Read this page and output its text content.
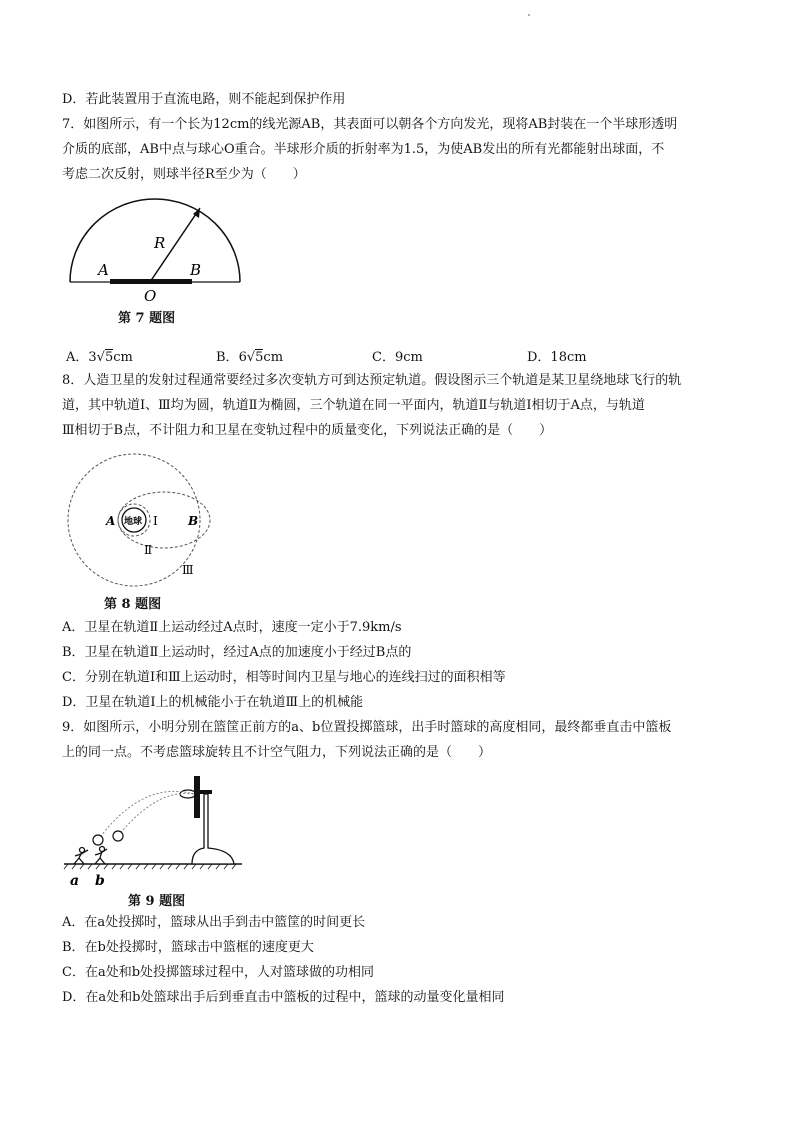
D．若此装置用于直流电路，则不能起到保护作用
7．如图所示，有一个长为12cm的线光源AB，其表面可以朝各个方向发光，现将AB封装在一个半球形透明
介质的底部，AB中点与球心O重合。半球形介质的折射率为1.5，为使AB发出的所有光都能射出球面，不
考虑二次反射，则球半径R至少为（　　）
R
A	B
O
第 7 题图
A．3√5cm	B．6√5cm	C．9cm	D．18cm
8．人造卫星的发射过程通常要经过多次变轨方可到达预定轨道。假设图示三个轨道是某卫星绕地球飞行的轨
道，其中轨道Ⅰ、Ⅲ均为圆，轨道Ⅱ为椭圆，三个轨道在同一平面内，轨道Ⅱ与轨道Ⅰ相切于A点，与轨道
Ⅲ相切于B点，不计阻力和卫星在变轨过程中的质量变化，下列说法正确的是（　　）
地球
A	Ⅰ	B
Ⅱ
Ⅲ
第 8 题图
A．卫星在轨道Ⅱ上运动经过A点时，速度一定小于7.9km/s
B．卫星在轨道Ⅱ上运动时，经过A点的加速度小于经过B点的
C．分别在轨道Ⅰ和Ⅲ上运动时，相等时间内卫星与地心的连线扫过的面积相等
D．卫星在轨道Ⅰ上的机械能小于在轨道Ⅲ上的机械能
9．如图所示，小明分别在篮筐正前方的a、b位置投掷篮球，出手时篮球的高度相同，最终都垂直击中篮板
上的同一点。不考虑篮球旋转且不计空气阻力，下列说法正确的是（　　）
a b
第 9 题图
A．在a处投掷时，篮球从出手到击中篮筐的时间更长
B．在b处投掷时，篮球击中篮框的速度更大
C．在a处和b处投掷篮球过程中，人对篮球做的功相同
D．在a处和b处篮球出手后到垂直击中篮板的过程中，篮球的动量变化量相同
